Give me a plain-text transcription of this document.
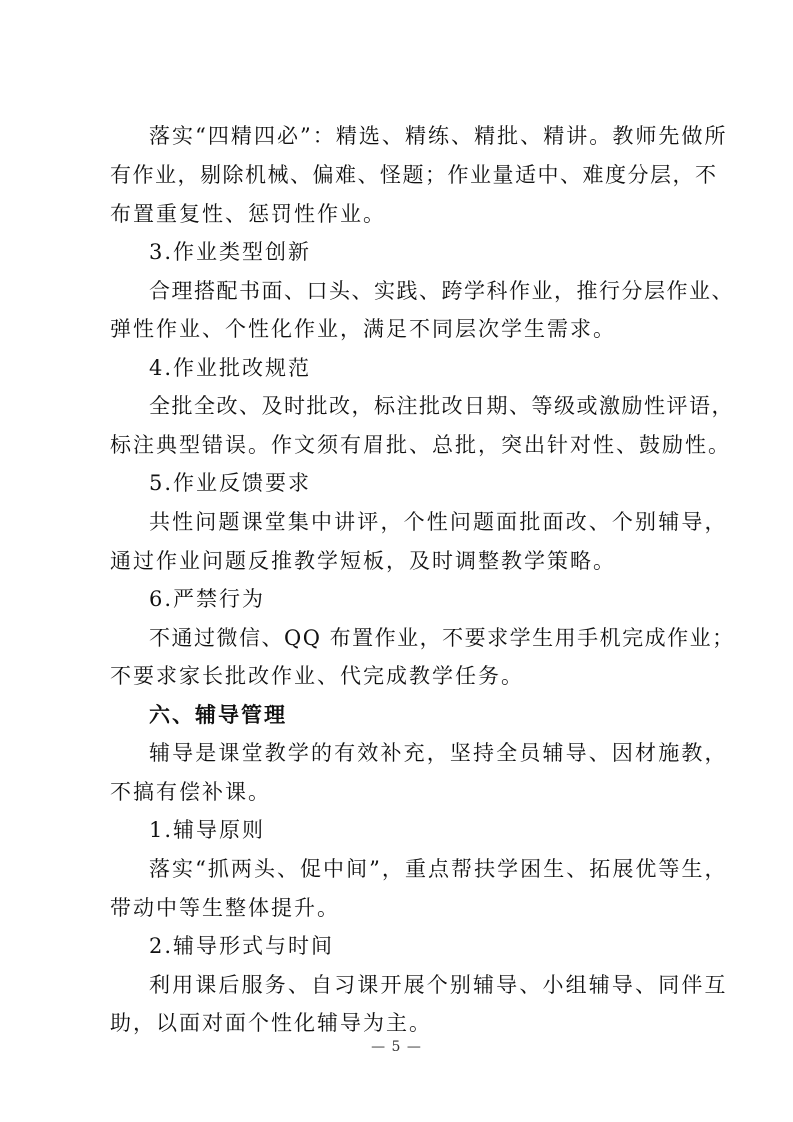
落实“四精四必”：精选、精练、精批、精讲。教师先做所
有作业，剔除机械、偏难、怪题；作业量适中、难度分层，不
布置重复性、惩罚性作业。
3.作业类型创新
合理搭配书面、口头、实践、跨学科作业，推行分层作业、
弹性作业、个性化作业，满足不同层次学生需求。
4.作业批改规范
全批全改、及时批改，标注批改日期、等级或激励性评语，
标注典型错误。作文须有眉批、总批，突出针对性、鼓励性。
5.作业反馈要求
共性问题课堂集中讲评，个性问题面批面改、个别辅导，
通过作业问题反推教学短板，及时调整教学策略。
6.严禁行为
不通过微信、QQ 布置作业，不要求学生用手机完成作业；
不要求家长批改作业、代完成教学任务。
六、辅导管理
辅导是课堂教学的有效补充，坚持全员辅导、因材施教，
不搞有偿补课。
1.辅导原则
落实“抓两头、促中间”，重点帮扶学困生、拓展优等生，
带动中等生整体提升。
2.辅导形式与时间
利用课后服务、自习课开展个别辅导、小组辅导、同伴互
助，以面对面个性化辅导为主。
— 5 —
